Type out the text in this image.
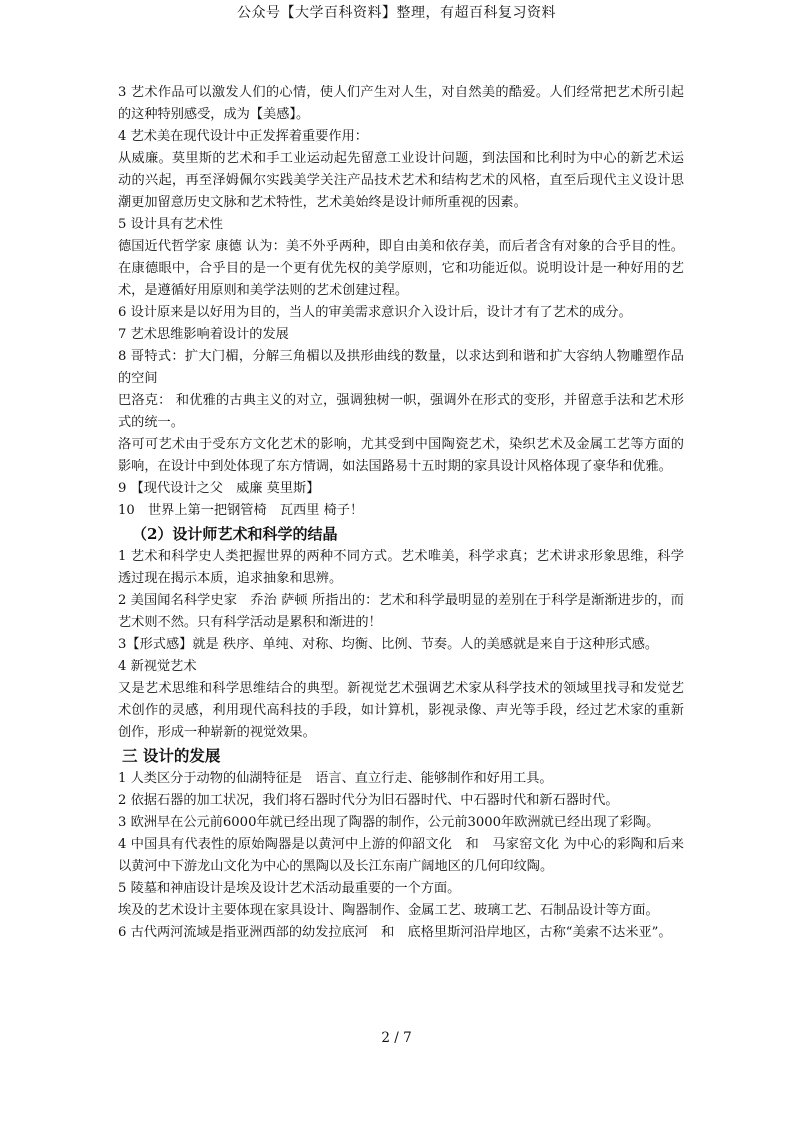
公众号【大学百科资料】整理，有超百科复习资料

3 艺术作品可以激发人们的心情，使人们产生对人生，对自然美的酷爱。人们经常把艺术所引起的这种特别感受，成为【美感】。

4 艺术美在现代设计中正发挥着重要作用：

从威廉。莫里斯的艺术和手工业运动起先留意工业设计问题，到法国和比利时为中心的新艺术运动的兴起，再至泽姆佩尔实践美学关注产品技术艺术和结构艺术的风格，直至后现代主义设计思潮更加留意历史文脉和艺术特性，艺术美始终是设计师所重视的因素。

5 设计具有艺术性

德国近代哲学家 康德 认为：美不外乎两种，即自由美和依存美，而后者含有对象的合乎目的性。在康德眼中，合乎目的是一个更有优先权的美学原则，它和功能近似。说明设计是一种好用的艺术，是遵循好用原则和美学法则的艺术创建过程。

6 设计原来是以好用为目的，当人的审美需求意识介入设计后，设计才有了艺术的成分。

7 艺术思维影响着设计的发展

8 哥特式：扩大门楣，分解三角楣以及拱形曲线的数量，以求达到和谐和扩大容纳人物雕塑作品的空间

巴洛克： 和优雅的古典主义的对立，强调独树一帜，强调外在形式的变形，并留意手法和艺术形式的统一。

洛可可艺术由于受东方文化艺术的影响，尤其受到中国陶瓷艺术，染织艺术及金属工艺等方面的影响，在设计中到处体现了东方情调，如法国路易十五时期的家具设计风格体现了豪华和优雅。

9 【现代设计之父　威廉 莫里斯】

10　世界上第一把钢管椅　瓦西里 椅子！

（2）设计师艺术和科学的结晶

1 艺术和科学史人类把握世界的两种不同方式。艺术唯美，科学求真；艺术讲求形象思维，科学透过现在揭示本质，追求抽象和思辨。

2 美国闻名科学史家　乔治 萨顿 所指出的：艺术和科学最明显的差别在于科学是渐渐进步的，而艺术则不然。只有科学活动是累积和渐进的！

3【形式感】就是 秩序、单纯、对称、均衡、比例、节奏。人的美感就是来自于这种形式感。

4 新视觉艺术

又是艺术思维和科学思维结合的典型。新视觉艺术强调艺术家从科学技术的领域里找寻和发觉艺术创作的灵感，利用现代高科技的手段，如计算机，影视录像、声光等手段，经过艺术家的重新创作，形成一种崭新的视觉效果。

三 设计的发展

1 人类区分于动物的仙湖特征是　语言、直立行走、能够制作和好用工具。

2 依据石器的加工状况，我们将石器时代分为旧石器时代、中石器时代和新石器时代。

3 欧洲早在公元前6000年就已经出现了陶器的制作，公元前3000年欧洲就已经出现了彩陶。

4 中国具有代表性的原始陶器是以黄河中上游的仰韶文化　和　马家窑文化 为中心的彩陶和后来以黄河中下游龙山文化为中心的黑陶以及长江东南广阔地区的几何印纹陶。

5 陵墓和神庙设计是埃及设计艺术活动最重要的一个方面。

埃及的艺术设计主要体现在家具设计、陶器制作、金属工艺、玻璃工艺、石制品设计等方面。

6 古代两河流域是指亚洲西部的幼发拉底河　和　底格里斯河沿岸地区，古称“美索不达米亚”。

2 / 7
